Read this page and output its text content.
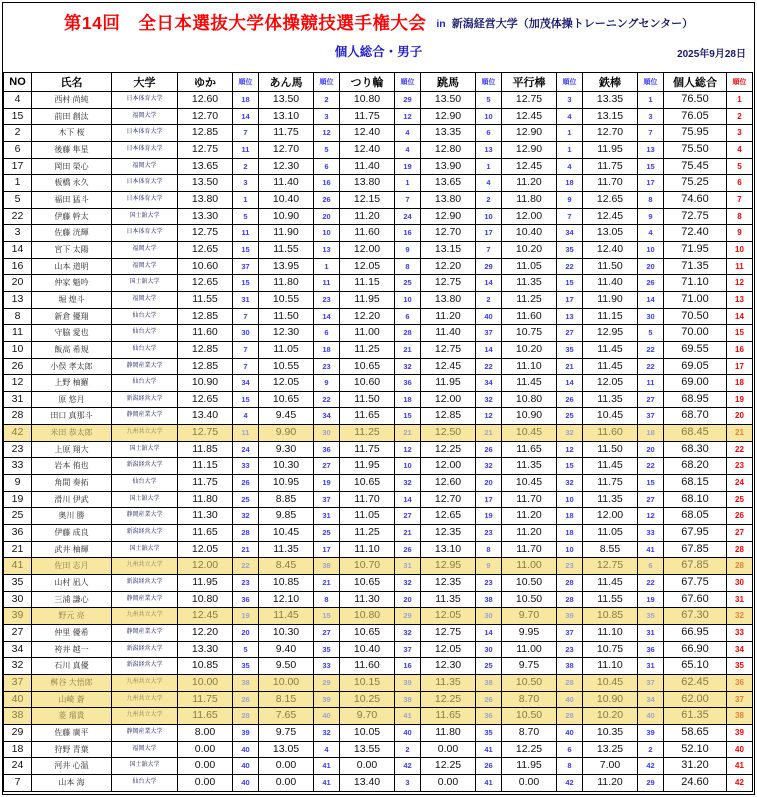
第14回　全日本選抜大学体操競技選手権大会 in 新潟経営大学（加茂体操トレーニングセンター）
個人総合・男子	2025年9月28日
NO	氏名	大学	ゆか	順位	あん馬	順位	つり輪	順位	跳馬	順位	平行棒	順位	鉄棒	順位	個人総合	順位
4	西村 尚純	日本体育大学	12.60	18	13.50	2	10.80	29	13.50	5	12.75	3	13.35	1	76.50	1
15	前田 創汰	福岡大学	12.70	14	13.10	3	11.75	12	12.90	10	12.45	4	13.15	3	76.05	2
2	木下 桜	日本体育大学	12.85	7	11.75	12	12.40	4	13.35	6	12.90	1	12.70	7	75.95	3
6	後藤 隼星	日本体育大学	12.75	11	12.70	5	12.40	4	12.80	13	12.90	1	11.95	13	75.50	4
17	岡田 榮心	福岡大学	13.65	2	12.30	6	11.40	19	13.90	1	12.45	4	11.75	15	75.45	5
1	板橋 永久	日本体育大学	13.50	3	11.40	16	13.80	1	13.65	4	11.20	18	11.70	17	75.25	6
5	福田 猛斗	日本体育大学	13.80	1	10.40	26	12.15	7	13.80	2	11.80	9	12.65	8	74.60	7
22	伊藤 幹太	国士舘大学	13.30	5	10.90	20	11.20	24	12.90	10	12.00	7	12.45	9	72.75	8
3	佐藤 洸輝	日本体育大学	12.75	11	11.90	10	11.60	16	12.70	17	10.40	34	13.05	4	72.40	9
14	宮下 太陽	福岡大学	12.65	15	11.55	13	12.00	9	13.15	7	10.20	35	12.40	10	71.95	10
16	山本 道明	福岡大学	10.60	37	13.95	1	12.05	8	12.20	29	11.05	22	11.50	20	71.35	11
20	仲家 魁吟	国士舘大学	12.65	15	11.80	11	11.15	25	12.75	14	11.35	15	11.40	26	71.10	12
13	堀 煌斗	福岡大学	11.55	31	10.55	23	11.95	10	13.80	2	11.25	17	11.90	14	71.00	13
8	新倉 優翔	仙台大学	12.85	7	11.50	14	12.20	6	11.20	40	11.60	13	11.15	30	70.50	14
11	守脇 愛也	仙台大学	11.60	30	12.30	6	11.00	28	11.40	37	10.75	27	12.95	5	70.00	15
10	飯高 希規	仙台大学	12.85	7	11.05	18	11.25	21	12.75	14	10.20	35	11.45	22	69.55	16
26	小俣 孝太郎	静岡産業大学	12.85	7	10.55	23	10.65	32	12.45	22	11.10	21	11.45	22	69.05	17
12	上野 柚羅	仙台大学	10.90	34	12.05	9	10.60	36	11.95	34	11.45	14	12.05	11	69.00	18
31	原 悠月	新潟経営大学	12.65	15	10.65	22	11.50	18	12.00	32	10.80	26	11.35	27	68.95	19
28	田口 真那斗	静岡産業大学	13.40	4	9.45	34	11.65	15	12.85	12	10.90	25	10.45	37	68.70	20
42	米田 恭太郎	九州共立大学	12.75	11	9.90	30	11.25	21	12.50	21	10.45	32	11.60	18	68.45	21
23	上原 翔大	国士舘大学	11.85	24	9.30	36	11.75	12	12.25	26	11.65	12	11.50	20	68.30	22
33	岩本 侑也	新潟経営大学	11.15	33	10.30	27	11.95	10	12.00	32	11.35	15	11.45	22	68.20	23
9	角間 奏拓	仙台大学	11.75	26	10.95	19	10.65	32	12.60	20	10.45	32	11.75	15	68.15	24
19	滑川 伊武	国士舘大学	11.80	25	8.85	37	11.70	14	12.70	17	11.70	10	11.35	27	68.10	25
25	奥川 勝	静岡産業大学	11.30	32	9.85	31	11.05	27	12.65	19	11.20	18	12.00	12	68.05	26
36	伊藤 成良	新潟経営大学	11.65	28	10.45	25	11.25	21	12.35	23	11.20	18	11.05	33	67.95	27
21	武井 柚輝	国士舘大学	12.05	21	11.35	17	11.10	26	13.10	8	11.70	10	8.55	41	67.85	28
41	佐田 志月	九州共立大学	12.00	22	8.45	38	10.70	31	12.95	9	11.00	23	12.75	6	67.85	28
35	山村 凪人	新潟経営大学	11.95	23	10.85	21	10.65	32	12.35	23	10.50	28	11.45	22	67.75	30
30	三浦 謙心	静岡産業大学	10.80	36	12.10	8	11.30	20	11.35	38	10.50	28	11.55	19	67.60	31
39	野元 亮	九州共立大学	12.45	19	11.45	15	10.80	29	12.05	30	9.70	39	10.85	35	67.30	32
27	仲里 優希	静岡産業大学	12.20	20	10.30	27	10.65	32	12.75	14	9.95	37	11.10	31	66.95	33
34	袴井 越一	新潟経営大学	13.30	5	9.40	35	10.40	37	12.05	30	11.00	23	10.75	36	66.90	34
32	石川 真優	新潟経営大学	10.85	35	9.50	33	11.60	16	12.30	25	9.75	38	11.10	31	65.10	35
37	桝谷 大悟郎	九州共立大学	10.00	38	10.00	29	10.15	39	11.35	38	10.50	28	10.45	37	62.45	36
40	山崎 蒼	九州共立大学	11.75	26	8.15	39	10.25	38	12.25	26	8.70	40	10.90	34	62.00	37
38	菱 瑠貴	九州共立大学	11.65	28	7.65	40	9.70	41	11.65	36	10.50	28	10.20	40	61.35	38
29	佐藤 廣平	静岡産業大学	8.00	39	9.75	32	10.05	40	11.80	35	8.70	40	10.35	39	58.65	39
18	狩野 青葉	福岡大学	0.00	40	13.05	4	13.55	2	0.00	41	12.25	6	13.25	2	52.10	40
24	河井 心温	国士舘大学	0.00	40	0.00	41	0.00	42	12.25	26	11.95	8	7.00	42	31.20	41
7	山本 海	仙台大学	0.00	40	0.00	41	13.40	3	0.00	41	0.00	42	11.20	29	24.60	42
